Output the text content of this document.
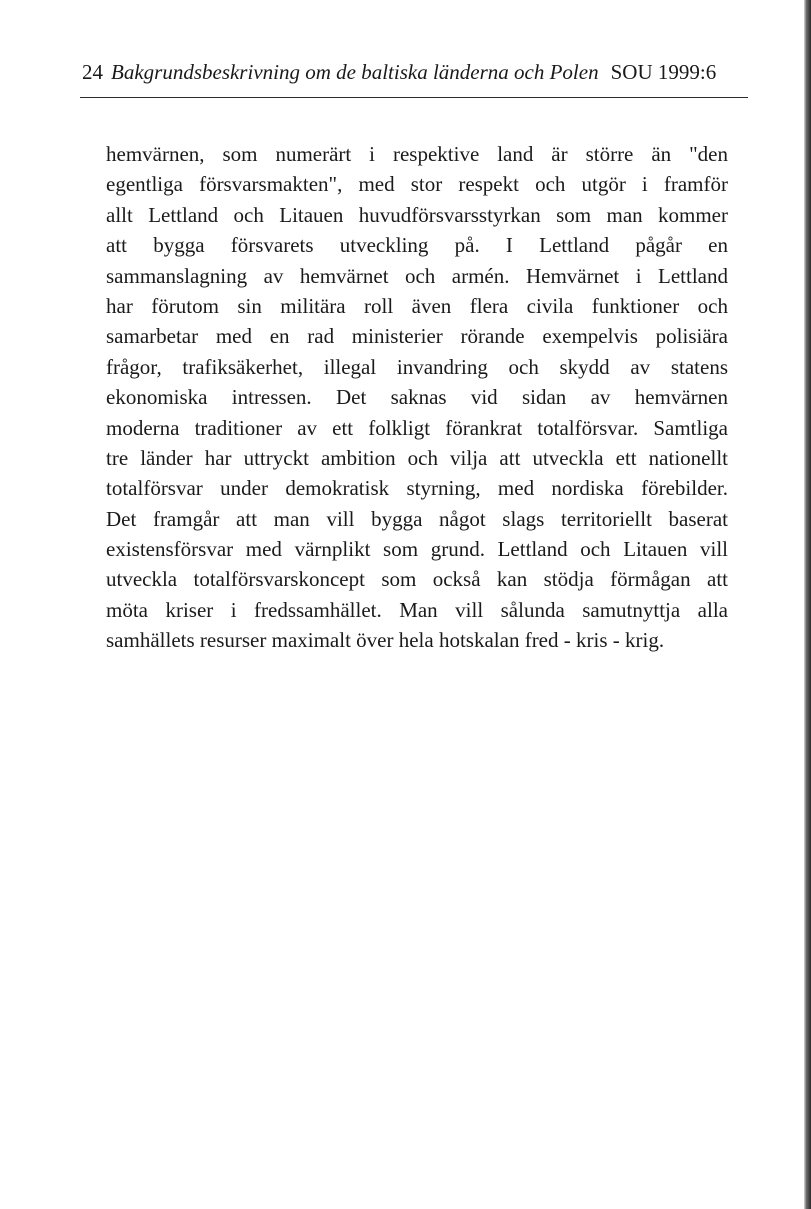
24 Bakgrundsbeskrivning om de baltiska länderna och Polen SOU 1999:6
hemvärnen, som numerärt i respektive land är större än "den
egentliga försvarsmakten", med stor respekt och utgör i framför
allt Lettland och Litauen huvudförsvarsstyrkan som man kommer
att bygga försvarets utveckling på. I Lettland pågår en
sammanslagning av hemvärnet och armén. Hemvärnet i Lettland
har förutom sin militära roll även flera civila funktioner och
samarbetar med en rad ministerier rörande exempelvis polisiära
frågor, trafiksäkerhet, illegal invandring och skydd av statens
ekonomiska intressen. Det saknas vid sidan av hemvärnen
moderna traditioner av ett folkligt förankrat totalförsvar. Samtliga
tre länder har uttryckt ambition och vilja att utveckla ett nationellt
totalförsvar under demokratisk styrning, med nordiska förebilder.
Det framgår att man vill bygga något slags territoriellt baserat
existensförsvar med värnplikt som grund. Lettland och Litauen vill
utveckla totalförsvarskoncept som också kan stödja förmågan att
möta kriser i fredssamhället. Man vill sålunda samutnyttja alla
samhällets resurser maximalt över hela hotskalan fred - kris - krig.
